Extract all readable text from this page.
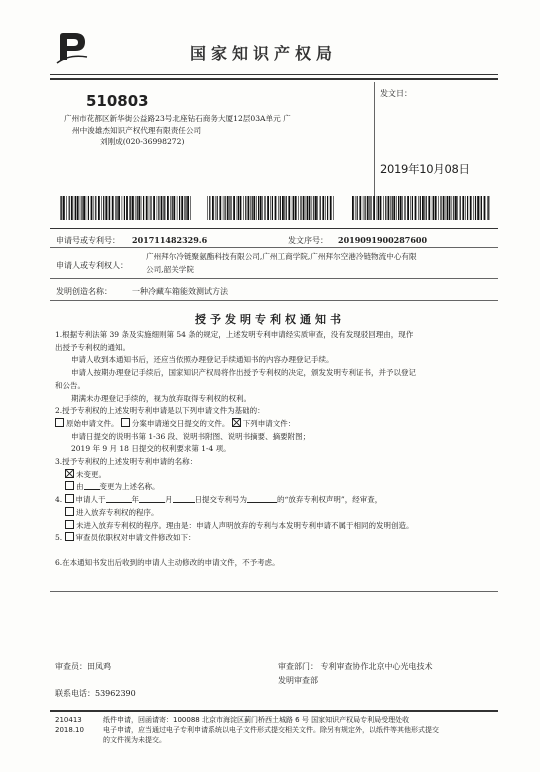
国家知识产权局
510803
广州市花都区新华街公益路23号北座钻石商务大厦12层03A单元 广
州中浚雄杰知识产权代理有限责任公司
刘刚成(020-36998272)
发文日：
2019年10月08日
申请号或专利号： 201711482329.6	发文序号： 2019091900287600
申请人或专利权人：
广州拜尔冷链聚氨酯科技有限公司,广州工商学院,广州拜尔空港冷链物流中心有限
公司,韶关学院
发明创造名称：	一种冷藏车箱能效测试方法
授予发明专利权通知书

1.根据专利法第 39 条及实施细则第 54 条的规定，上述发明专利申请经实质审查，没有发现驳回理由，现作

出授予专利权的通知。

申请人收到本通知书后，还应当依照办理登记手续通知书的内容办理登记手续。

申请人按期办理登记手续后，国家知识产权局将作出授予专利权的决定，颁发发明专利证书，并予以登记

和公告。

期满未办理登记手续的，视为放弃取得专利权的权利。

2.授予专利权的上述发明专利申请是以下列申请文件为基础的：

原始申请文件。 分案申请递交日提交的文件。 下列申请文件：

申请日提交的说明书第 1-36 段、说明书附图、说明书摘要、摘要附图；

2019 年 9 月 18 日提交的权利要求第 1-4 项。

3.授予专利权的上述发明专利申请的名称：

未变更。

由 变更为上述名称。

4. 申请人于	年	月	日提交专利号为	的“放弃专利权声明”，经审查，

进入放弃专利权的程序。

未进入放弃专利权的程序。理由是：申请人声明放弃的专利与本发明专利申请不属于相同的发明创造。

5. 审查员依职权对申请文件修改如下：

6.在本通知书发出后收到的申请人主动修改的申请文件，不予考虑。

审查员：田凤鸡	审查部门： 专利审查协作北京中心光电技术
发明审查部
联系电话：53962390
210413	纸件申请，回函请寄：100088 北京市海淀区蓟门桥西土城路 6 号 国家知识产权局专利局受理处收
2018.10	电子申请，应当通过电子专利申请系统以电子文件形式提交相关文件。除另有规定外，以纸件等其他形式提交
的文件视为未提交。
